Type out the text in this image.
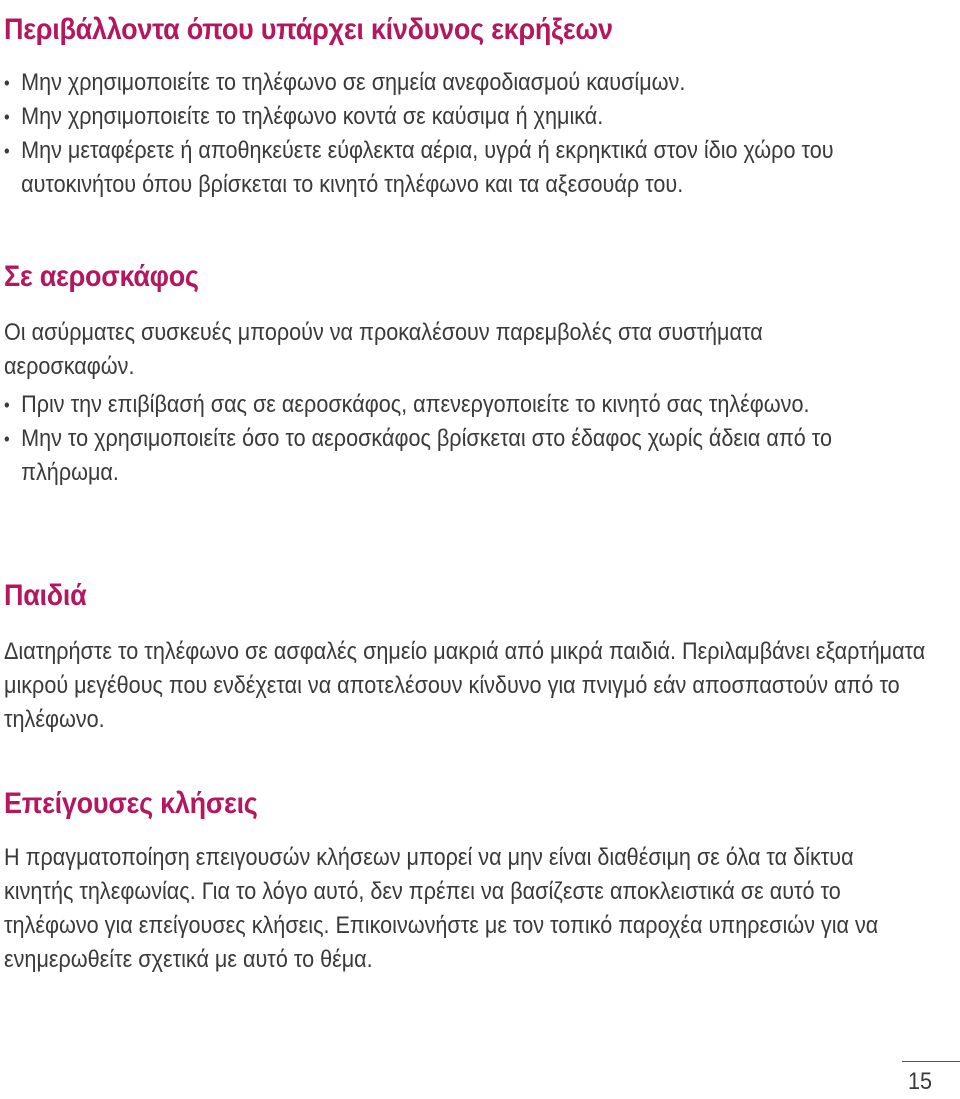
Περιβάλλοντα όπου υπάρχει κίνδυνος εκρήξεων
• Μην χρησιμοποιείτε το τηλέφωνο σε σημεία ανεφοδιασμού καυσίμων.
• Μην χρησιμοποιείτε το τηλέφωνο κοντά σε καύσιμα ή χημικά.
• Μην μεταφέρετε ή αποθηκεύετε εύφλεκτα αέρια, υγρά ή εκρηκτικά στον ίδιο χώρο του αυτοκινήτου όπου βρίσκεται το κινητό τηλέφωνο και τα αξεσουάρ του.
Σε αεροσκάφος

Οι ασύρματες συσκευές μπορούν να προκαλέσουν παρεμβολές στα συστήματα αεροσκαφών.

• Πριν την επιβίβασή σας σε αεροσκάφος, απενεργοποιείτε το κινητό σας τηλέφωνο.
• Μην το χρησιμοποιείτε όσο το αεροσκάφος βρίσκεται στο έδαφος χωρίς άδεια από το πλήρωμα.
Παιδιά

Διατηρήστε το τηλέφωνο σε ασφαλές σημείο μακριά από μικρά παιδιά. Περιλαμβάνει εξαρτήματα μικρού μεγέθους που ενδέχεται να αποτελέσουν κίνδυνο για πνιγμό εάν αποσπαστούν από το τηλέφωνο.

Επείγουσες κλήσεις

Η πραγματοποίηση επειγουσών κλήσεων μπορεί να μην είναι διαθέσιμη σε όλα τα δίκτυα κινητής τηλεφωνίας. Για το λόγο αυτό, δεν πρέπει να βασίζεστε αποκλειστικά σε αυτό το τηλέφωνο για επείγουσες κλήσεις. Επικοινωνήστε με τον τοπικό παροχέα υπηρεσιών για να ενημερωθείτε σχετικά με αυτό το θέμα.

15
